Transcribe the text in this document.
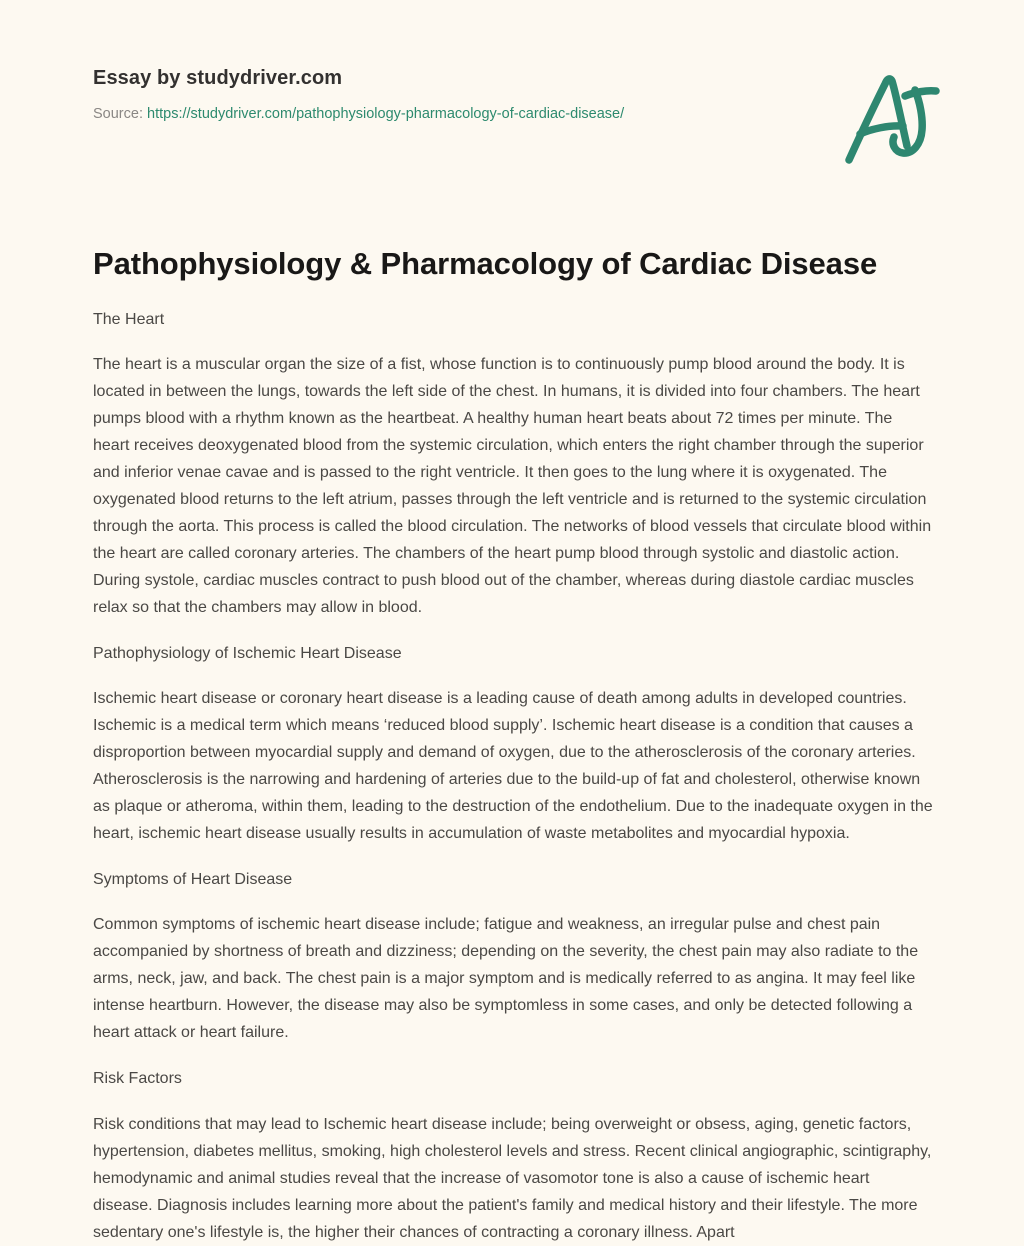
Essay by studydriver.com
Source: https://studydriver.com/pathophysiology-pharmacology-of-cardiac-disease/
Pathophysiology & Pharmacology of Cardiac Disease
The Heart

The heart is a muscular organ the size of a fist, whose function is to continuously pump blood around the body. It is located in between the lungs, towards the left side of the chest. In humans, it is divided into four chambers. The heart pumps blood with a rhythm known as the heartbeat. A healthy human heart beats about 72 times per minute. The heart receives deoxygenated blood from the systemic circulation, which enters the right chamber through the superior and inferior venae cavae and is passed to the right ventricle. It then goes to the lung where it is oxygenated. The oxygenated blood returns to the left atrium, passes through the left ventricle and is returned to the systemic circulation through the aorta. This process is called the blood circulation. The networks of blood vessels that circulate blood within the heart are called coronary arteries. The chambers of the heart pump blood through systolic and diastolic action. During systole, cardiac muscles contract to push blood out of the chamber, whereas during diastole cardiac muscles relax so that the chambers may allow in blood.

Pathophysiology of Ischemic Heart Disease

Ischemic heart disease or coronary heart disease is a leading cause of death among adults in developed countries. Ischemic is a medical term which means ‘reduced blood supply’. Ischemic heart disease is a condition that causes a disproportion between myocardial supply and demand of oxygen, due to the atherosclerosis of the coronary arteries. Atherosclerosis is the narrowing and hardening of arteries due to the build-up of fat and cholesterol, otherwise known as plaque or atheroma, within them, leading to the destruction of the endothelium. Due to the inadequate oxygen in the heart, ischemic heart disease usually results in accumulation of waste metabolites and myocardial hypoxia.

Symptoms of Heart Disease

Common symptoms of ischemic heart disease include; fatigue and weakness, an irregular pulse and chest pain accompanied by shortness of breath and dizziness; depending on the severity, the chest pain may also radiate to the arms, neck, jaw, and back. The chest pain is a major symptom and is medically referred to as angina. It may feel like intense heartburn. However, the disease may also be symptomless in some cases, and only be detected following a heart attack or heart failure.

Risk Factors

Risk conditions that may lead to Ischemic heart disease include; being overweight or obsess, aging, genetic factors, hypertension, diabetes mellitus, smoking, high cholesterol levels and stress. Recent clinical angiographic, scintigraphy, hemodynamic and animal studies reveal that the increase of vasomotor tone is also a cause of ischemic heart disease. Diagnosis includes learning more about the patient's family and medical history and their lifestyle. The more sedentary one's lifestyle is, the higher their chances of contracting a coronary illness. Apart
